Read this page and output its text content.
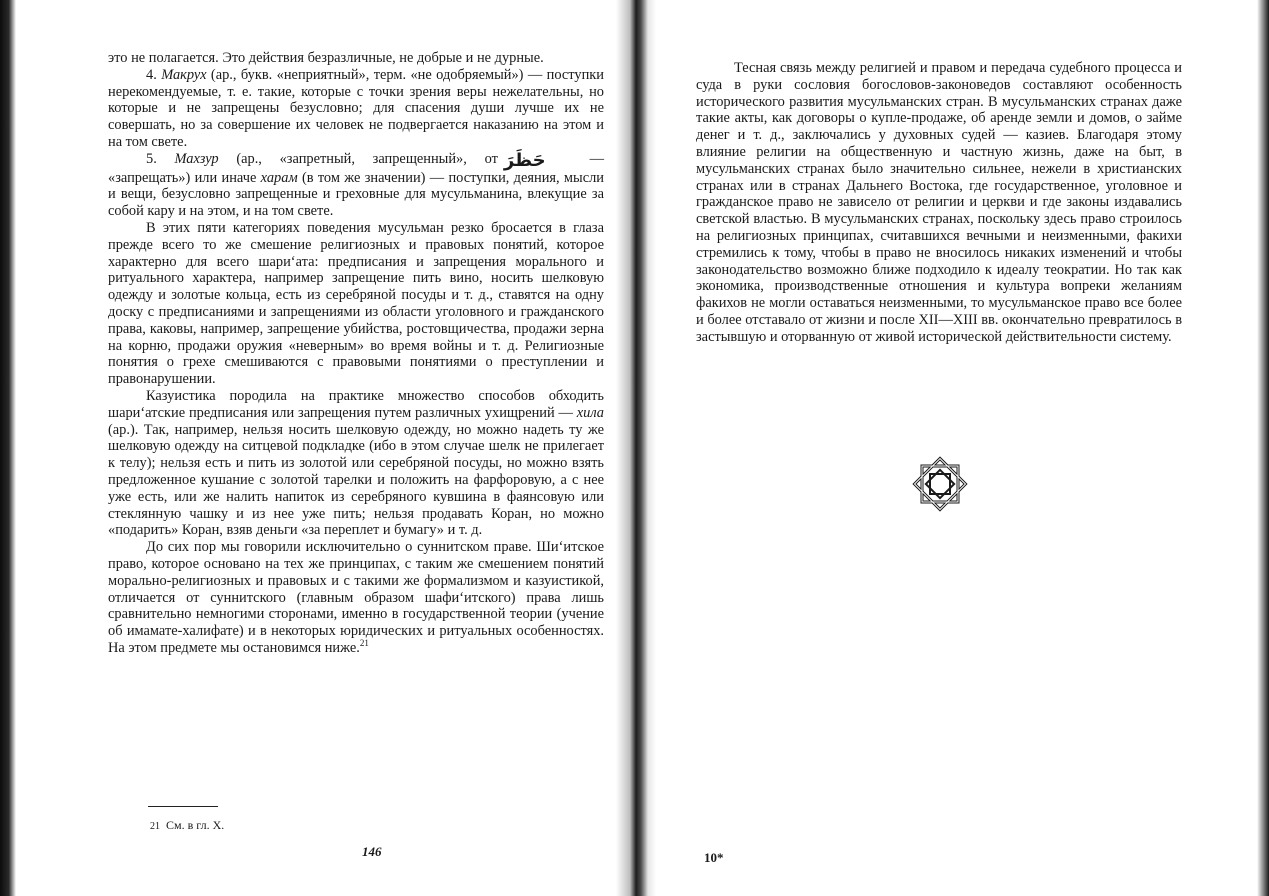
это не полагается. Это действия безразличные, не добрые и не дурные.

4. Макрух (ар., букв. «неприятный», терм. «не одобряемый») — поступки нерекомендуемые, т. е. такие, которые с точки зрения веры нежелательны, но которые и не запрещены безусловно; для спасения души лучше их не совершать, но за совершение их человек не подвергается наказанию на этом и на том свете.

5. Махзур (ар., «запретный, запрещенный», от حَظَرَ	— «запрещать») или иначе харам (в том же значении) — поступки, деяния, мысли и вещи, безусловно запрещенные и греховные для мусульманина, влекущие за собой кару и на этом, и на том свете.

В этих пяти категориях поведения мусульман резко бросается в глаза прежде всего то же смешение религиозных и правовых понятий, которое характерно для всего шариʻата: предписания и запрещения морального и ритуального характера, например запрещение пить вино, носить шелковую одежду и золотые кольца, есть из серебряной посуды и т. д., ставятся на одну доску с предписаниями и запрещениями из области уголовного и гражданского права, каковы, например, запрещение убийства, ростовщичества, продажи зерна на корню, продажи оружия «неверным» во время войны и т. д. Религиозные понятия о грехе смешиваются с правовыми понятиями о преступлении и правонарушении.

Казуистика породила на практике множество способов обходить шариʻатские предписания или запрещения путем различных ухищрений — хила (ар.). Так, например, нельзя носить шелковую одежду, но можно надеть ту же шелковую одежду на ситцевой подкладке (ибо в этом случае шелк не прилегает к телу); нельзя есть и пить из золотой или серебряной посуды, но можно взять предложенное кушание с золотой тарелки и положить на фарфоровую, а с нее уже есть, или же налить напиток из серебряного кувшина в фаянсовую или стеклянную чашку и из нее уже пить; нельзя продавать Коран, но можно «подарить» Коран, взяв деньги «за переплет и бумагу» и т. д.

До сих пор мы говорили исключительно о суннитском праве. Шиʻитское право, которое основано на тех же принципах, с таким же смешением понятий морально-религиозных и правовых и с такими же формализмом и казуистикой, отличается от суннитского (главным образом шафиʻитского) права лишь сравнительно немногими сторонами, именно в государственной теории (учение об имамате-халифате) и в некоторых юридических и ритуальных особенностях. На этом предмете мы остановимся ниже.$^{21}$

21 См. в гл. X.
146

Тесная связь между религией и правом и передача судебного процесса и суда в руки сословия богословов-законоведов составляют особенность исторического развития мусульманских стран. В мусульманских странах даже такие акты, как договоры о купле-продаже, об аренде земли и домов, о займе денег и т. д., заключались у духовных судей — казиев. Благодаря этому влияние религии на общественную и частную жизнь, даже на быт, в мусульманских странах было значительно сильнее, нежели в христианских странах или в странах Дальнего Востока, где государственное, уголовное и гражданское право не зависело от религии и церкви и где законы издавались светской властью. В мусульманских странах, поскольку здесь право строилось на религиозных принципах, считавшихся вечными и неизменными, факихи стремились к тому, чтобы в право не вносилось никаких изменений и чтобы законодательство возможно ближе подходило к идеалу теократии. Но так как экономика, производственные отношения и культура вопреки желаниям факихов не могли оставаться неизменными, то мусульманское право все более и более отставало от жизни и после XII—XIII вв. окончательно превратилось в застывшую и оторванную от живой исторической действительности систему.

10*
